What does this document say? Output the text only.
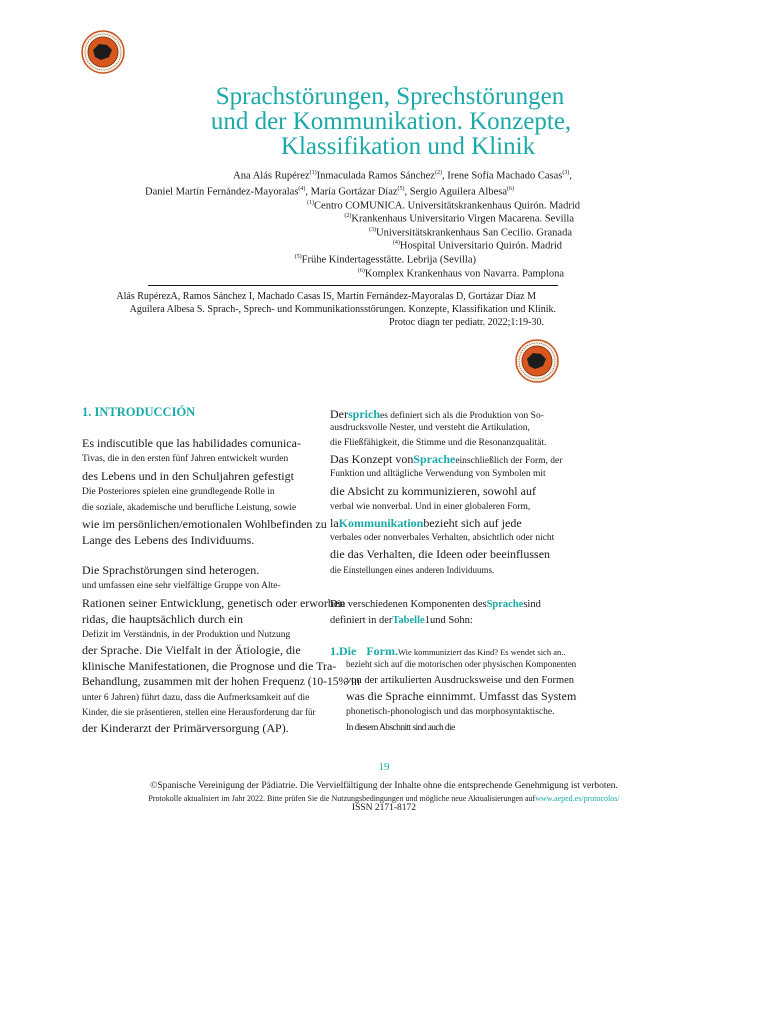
Sprachstörungen, Sprechstörungen
und der Kommunikation. Konzepte,
Klassifikation und Klinik
Ana Alás Rupérez$^{(1)}$Inmaculada Ramos Sánchez$^{(2)}$, Irene Sofía Machado Casas$^{(3)}$,
Daniel Martín Fernández-Mayoralas$^{(4)}$, María Gortázar Díaz$^{(5)}$, Sergio Aguilera Albesa$^{(6)}$
$^{(1)}$Centro COMUNICA. Universitätskrankenhaus Quirón. Madrid
$^{(2)}$Krankenhaus Universitario Virgen Macarena. Sevilla
$^{(3)}$Universitätskrankenhaus San Cecilio. Granada
$^{(4)}$Hospital Universitario Quirón. Madrid
$^{(5)}$Frühe Kindertagesstätte. Lebrija (Sevilla)
$^{(6)}$Komplex Krankenhaus von Navarra. Pamplona
Alás RupérezA, Ramos Sánchez I, Machado Casas IS, Martín Fernández-Mayoralas D, Gortázar Díaz M
Aguilera Albesa S. Sprach-, Sprech- und Kommunikationsstörungen. Konzepte, Klassifikation und Klinik.
Protoc diagn ter pediatr. 2022;1:19-30.
1. INTRODUCCIÓN
Es indiscutible que las habilidades comunica-
Tivas, die in den ersten fünf Jahren entwickelt wurden
des Lebens und in den Schuljahren gefestigt
Die Posteriores spielen eine grundlegende Rolle in
die soziale, akademische und berufliche Leistung, sowie
wie im persönlichen/emotionalen Wohlbefinden zu
Lange des Lebens des Individuums.
Die Sprachstörungen sind heterogen.
und umfassen eine sehr vielfältige Gruppe von Alte-
Rationen seiner Entwicklung, genetisch oder erworben
ridas, die hauptsächlich durch ein
Defizit im Verständnis, in der Produktion und Nutzung
der Sprache. Die Vielfalt in der Ätiologie, die
klinische Manifestationen, die Prognose und die Tra-
Behandlung, zusammen mit der hohen Frequenz (10-15% in
unter 6 Jahren) führt dazu, dass die Aufmerksamkeit auf die
Kinder, die sie präsentieren, stellen eine Herausforderung dar für
der Kinderarzt der Primärversorgung (AP).
Derspriches definiert sich als die Produktion von So-
ausdrucksvolle Nester, und versteht die Artikulation,
die Fließfähigkeit, die Stimme und die Resonanzqualität.
Das Konzept vonSpracheeinschließlich der Form, der
Funktion und alltägliche Verwendung von Symbolen mit
die Absicht zu kommunizieren, sowohl auf
verbal wie nonverbal. Und in einer globaleren Form,
laKommunikationbezieht sich auf jede
verbales oder nonverbales Verhalten, absichtlich oder nicht
die das Verhalten, die Ideen oder beeinflussen
die Einstellungen eines anderen Individuums.
Die verschiedenen Komponenten desSprachesind
definiert in derTabelle1und Sohn:
1.Die Form.Wie kommuniziert das Kind? Es wendet sich an..
bezieht sich auf die motorischen oder physischen Komponenten
von der artikulierten Ausdrucksweise und den Formen
was die Sprache einnimmt. Umfasst das System
phonetisch-phonologisch und das morphosyntaktische.
In diesem Abschnitt sind auch die
19
©Spanische Vereinigung der Pädiatrie. Die Vervielfältigung der Inhalte ohne die entsprechende Genehmigung ist verboten.
Protokolle aktualisiert im Jahr 2022. Bitte prüfen Sie die Nutzungsbedingungen und mögliche neue Aktualisierungen aufwww.aeped.es/protocolos/
ISSN 2171-8172
